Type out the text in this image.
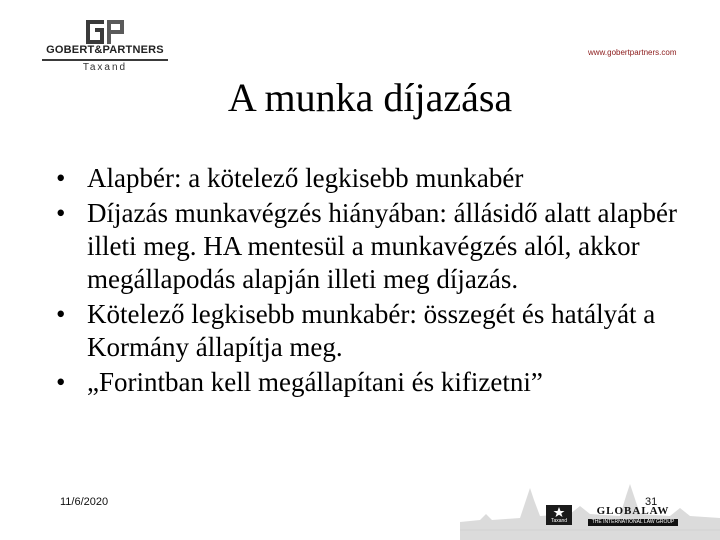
GOBERT&PARTNERS
Taxand
www.gobertpartners.com
A munka díjazása
• Alapbér: a kötelező legkisebb munkabér
• Díjazás munkavégzés hiányában: állásidő alatt alapbér illeti meg. HA mentesül a munkavégzés alól, akkor megállapodás alapján illeti meg díjazás.
• Kötelező legkisebb munkabér: összegét és hatályát a Kormány állapítja meg.
• „Forintban kell megállapítani és kifizetni”
11/6/2020	31
Taxand
GLOBALAW
THE INTERNATIONAL LAW GROUP
